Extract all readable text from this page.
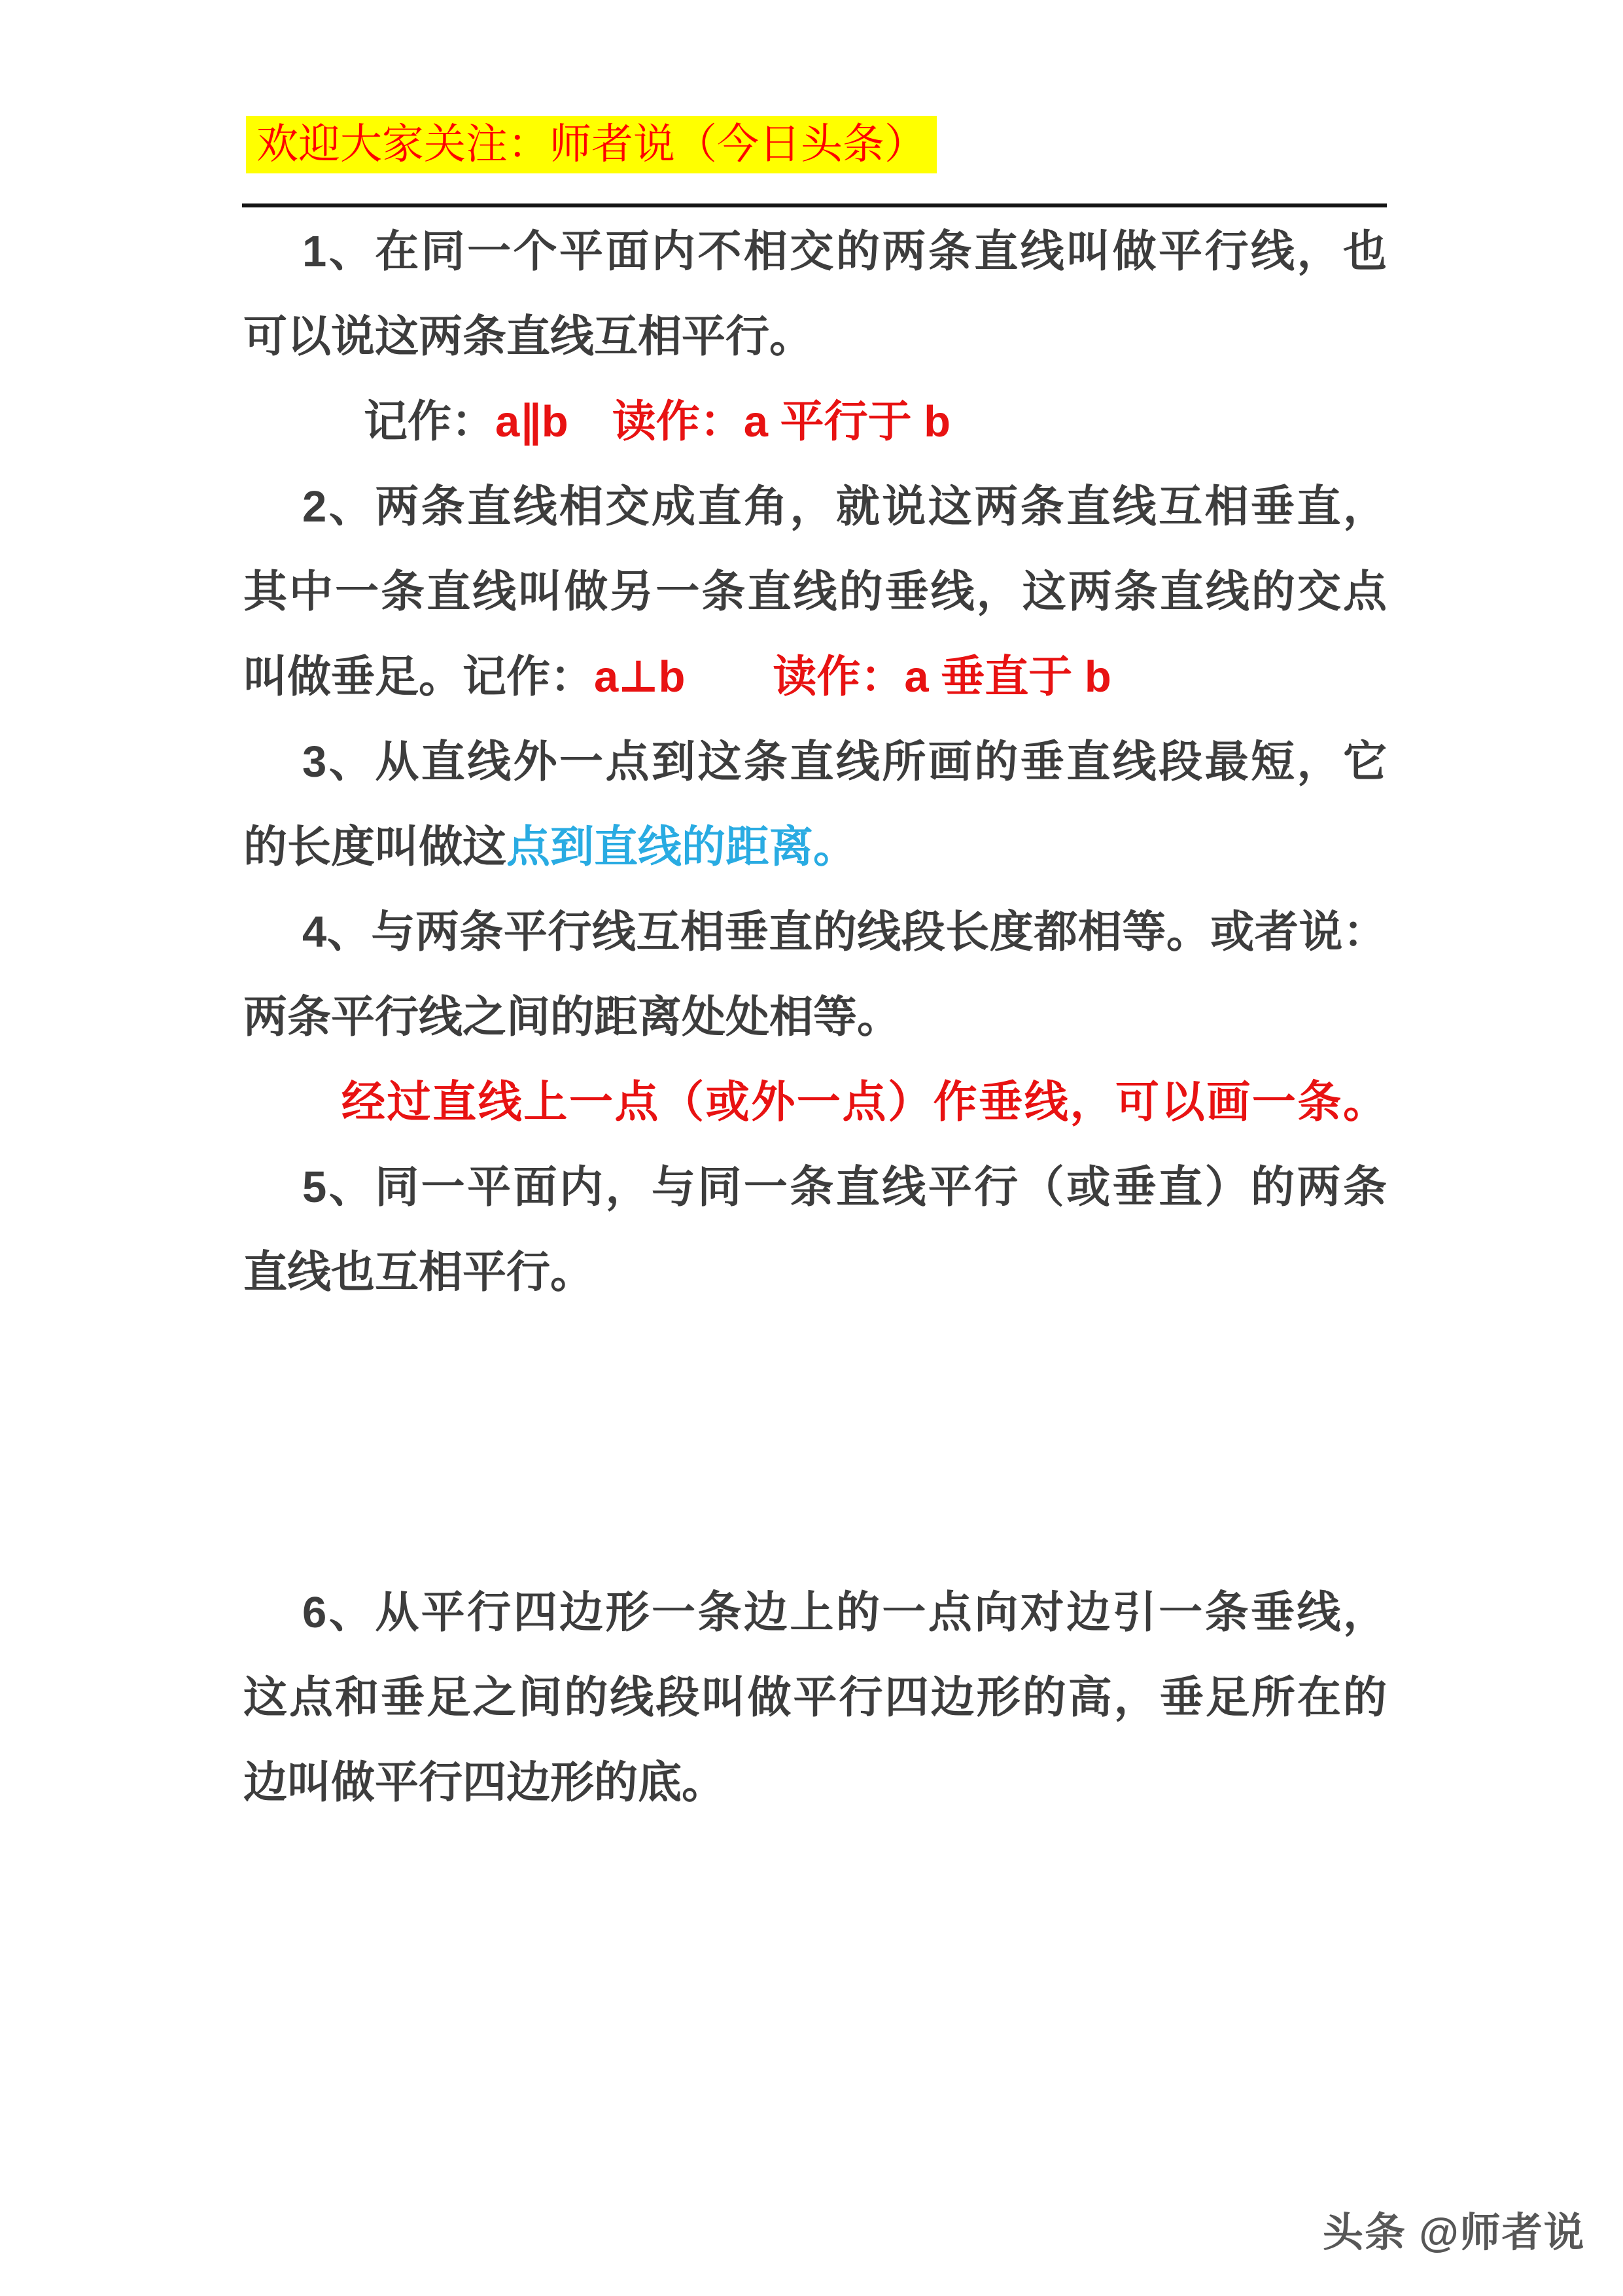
欢迎大家关注：师者说（今日头条）
1、在同一个平面内不相交的两条直线叫做平行线，也
可以说这两条直线互相平行。
记作：a∥b　读作：a 平行于 b
2、两条直线相交成直角，就说这两条直线互相垂直，
其中一条直线叫做另一条直线的垂线，这两条直线的交点
叫做垂足。记作：a⊥b　　读作：a 垂直于 b
3、从直线外一点到这条直线所画的垂直线段最短，它
的长度叫做这点到直线的距离。
4、与两条平行线互相垂直的线段长度都相等。或者说：
两条平行线之间的距离处处相等。
经过直线上一点（或外一点）作垂线，可以画一条。
5、同一平面内，与同一条直线平行（或垂直）的两条
直线也互相平行。
6、从平行四边形一条边上的一点向对边引一条垂线，
这点和垂足之间的线段叫做平行四边形的高，垂足所在的
边叫做平行四边形的底。
头条 @师者说
